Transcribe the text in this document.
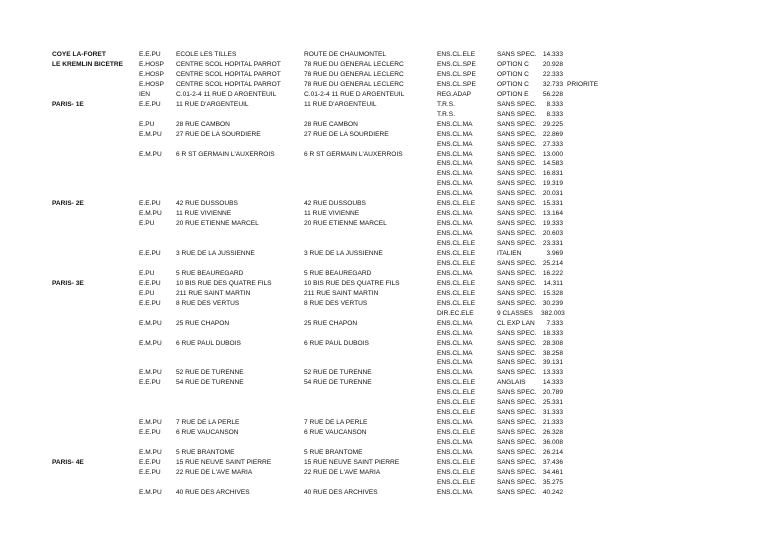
COYE LA-FORET	E.E.PU ECOLE LES TILLES	ROUTE DE CHAUMONTEL	ENS.CL.ELE	SANS SPEC. 14.333
LE KREMLIN BICETRE E.HOSP CENTRE SCOL HOPITAL PARROT	78 RUE DU GENERAL LECLERC	ENS.CL.SPE	OPTION C 20.928
E.HOSP CENTRE SCOL HOPITAL PARROT	78 RUE DU GENERAL LECLERC	ENS.CL.SPE	OPTION C 22.333
E.HOSP CENTRE SCOL HOPITAL PARROT	78 RUE DU GENERAL LECLERC	ENS.CL.SPE	OPTION C 32.733 PRIORITE
IEN	C.01-2-4 11 RUE D ARGENTEUIL	C.01-2-4 11 RUE D ARGENTEUIL	REG.ADAP	OPTION E 56.228
PARIS- 1E	E.E.PU 11 RUE D'ARGENTEUIL	11 RUE D'ARGENTEUIL	T.R.S.	SANS SPEC.	8.333
T.R.S.	SANS SPEC.	8.333
E.PU	28 RUE CAMBON	28 RUE CAMBON	ENS.CL.MA	SANS SPEC. 29.225
E.M.PU 27 RUE DE LA SOURDIERE	27 RUE DE LA SOURDIERE	ENS.CL.MA	SANS SPEC. 22.869
ENS.CL.MA	SANS SPEC. 27.333
E.M.PU 6 R ST GERMAIN L'AUXERROIS	6 R ST GERMAIN L'AUXERROIS	ENS.CL.MA	SANS SPEC. 13.000
ENS.CL.MA	SANS SPEC. 14.583
ENS.CL.MA	SANS SPEC. 16.831
ENS.CL.MA	SANS SPEC. 19.319
ENS.CL.MA	SANS SPEC. 20.031
PARIS- 2E	E.E.PU 42 RUE DUSSOUBS	42 RUE DUSSOUBS	ENS.CL.ELE	SANS SPEC. 15.331
E.M.PU 11 RUE VIVIENNE	11 RUE VIVIENNE	ENS.CL.MA	SANS SPEC. 13.164
E.PU	20 RUE ETIENNE MARCEL	20 RUE ETIENNE MARCEL	ENS.CL.MA	SANS SPEC. 19.333
ENS.CL.MA	SANS SPEC. 20.603
ENS.CL.ELE	SANS SPEC. 23.331
E.E.PU 3 RUE DE LA JUSSIENNE	3 RUE DE LA JUSSIENNE	ENS.CL.ELE	ITALIEN	3.969
ENS.CL.ELE	SANS SPEC. 25.214
E.PU	5 RUE BEAUREGARD	5 RUE BEAUREGARD	ENS.CL.MA	SANS SPEC. 16.222
PARIS- 3E	E.E.PU 10 BIS RUE DES QUATRE FILS	10 BIS RUE DES QUATRE FILS	ENS.CL.ELE	SANS SPEC.	14.311
E.PU	211 RUE SAINT MARTIN	211 RUE SAINT MARTIN	ENS.CL.ELE	SANS SPEC. 15.328
E.E.PU 8 RUE DES VERTUS	8 RUE DES VERTUS	ENS.CL.ELE	SANS SPEC. 30.239
DIR.EC.ELE	9 CLASSES 382.003
E.M.PU 25 RUE CHAPON	25 RUE CHAPON	ENS.CL.MA	CL EXP LAN	7.333
ENS.CL.MA	SANS SPEC. 18.333
E.M.PU 6 RUE PAUL DUBOIS	6 RUE PAUL DUBOIS	ENS.CL.MA	SANS SPEC. 28.308
ENS.CL.MA	SANS SPEC. 38.258
ENS.CL.MA	SANS SPEC. 39.131
E.M.PU 52 RUE DE TURENNE	52 RUE DE TURENNE	ENS.CL.MA	SANS SPEC. 13.333
E.E.PU 54 RUE DE TURENNE	54 RUE DE TURENNE	ENS.CL.ELE	ANGLAIS	14.333
ENS.CL.ELE	SANS SPEC. 20.789
ENS.CL.ELE	SANS SPEC. 25.331
ENS.CL.ELE	SANS SPEC. 31.333
E.M.PU 7 RUE DE LA PERLE	7 RUE DE LA PERLE	ENS.CL.MA	SANS SPEC. 21.333
E.E.PU 6 RUE VAUCANSON	6 RUE VAUCANSON	ENS.CL.ELE	SANS SPEC. 26.328
ENS.CL.MA	SANS SPEC. 36.008
E.M.PU 5 RUE BRANTOME	5 RUE BRANTOME	ENS.CL.MA	SANS SPEC. 26.214
PARIS- 4E	E.E.PU 15 RUE NEUVE SAINT PIERRE	15 RUE NEUVE SAINT PIERRE	ENS.CL.ELE	SANS SPEC. 37.436
E.E.PU 22 RUE DE L'AVE MARIA	22 RUE DE L'AVE MARIA	ENS.CL.ELE	SANS SPEC. 34.461
ENS.CL.ELE	SANS SPEC. 35.275
E.M.PU 40 RUE DES ARCHIVES	40 RUE DES ARCHIVES	ENS.CL.MA	SANS SPEC. 40.242
